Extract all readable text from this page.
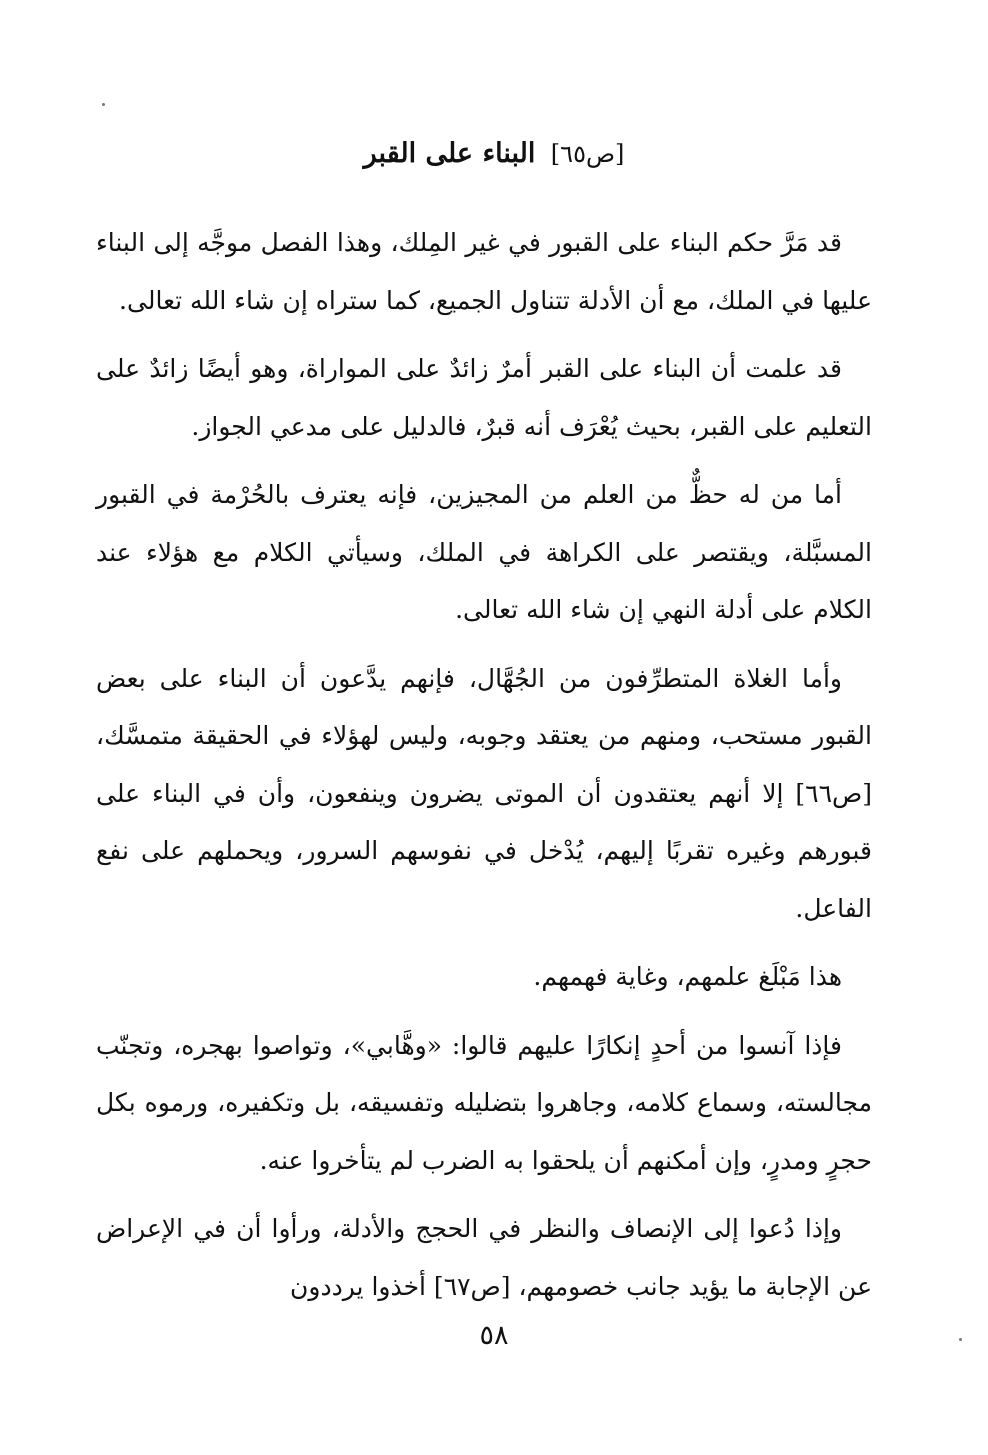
[ص٦٥] البناء على القبر

قد مَرَّ حكم البناء على القبور في غير المِلك، وهذا الفصل موجَّه إلى البناء عليها في الملك، مع أن الأدلة تتناول الجميع، كما ستراه إن شاء الله تعالى.

قد علمت أن البناء على القبر أمرٌ زائدٌ على المواراة، وهو أيضًا زائدٌ على التعليم على القبر، بحيث يُعْرَف أنه قبرٌ، فالدليل على مدعي الجواز.

أما من له حظٌّ من العلم من المجيزين، فإنه يعترف بالحُرْمة في القبور المسبَّلة، ويقتصر على الكراهة في الملك، وسيأتي الكلام مع هؤلاء عند الكلام على أدلة النهي إن شاء الله تعالى.

وأما الغلاة المتطرِّفون من الجُهَّال، فإنهم يدَّعون أن البناء على بعض القبور مستحب، ومنهم من يعتقد وجوبه، وليس لهؤلاء في الحقيقة متمسَّك، [ص٦٦] إلا أنهم يعتقدون أن الموتى يضرون وينفعون، وأن في البناء على قبورهم وغيره تقربًا إليهم، يُدْخل في نفوسهم السرور، ويحملهم على نفع الفاعل.

هذا مَبْلَغ علمهم، وغاية فهمهم.

فإذا آنسوا من أحدٍ إنكارًا عليهم قالوا: «وهَّابي»، وتواصوا بهجره، وتجنّب مجالسته، وسماع كلامه، وجاهروا بتضليله وتفسيقه، بل وتكفيره، ورموه بكل حجرٍ ومدرٍ، وإن أمكنهم أن يلحقوا به الضرب لم يتأخروا عنه.

وإذا دُعوا إلى الإنصاف والنظر في الحجج والأدلة، ورأوا أن في الإعراض عن الإجابة ما يؤيد جانب خصومهم، [ص٦٧] أخذوا يرددون

٥٨
